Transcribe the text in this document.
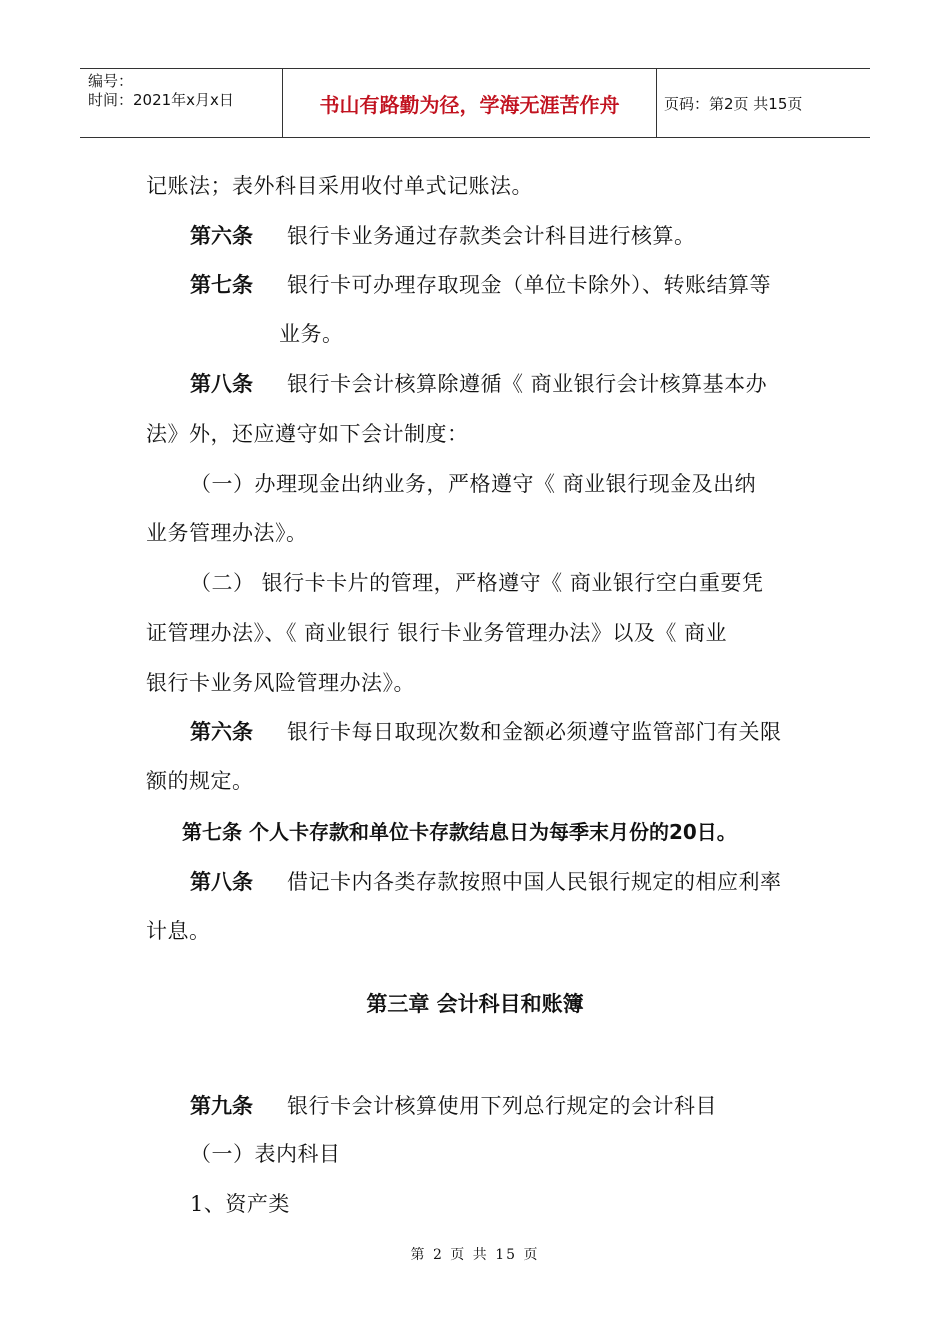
编号：
时间：2021年x月x日	书山有路勤为径，学海无涯苦作舟	页码：第2页 共15页
记账法；表外科目采用收付单式记账法。
第六条 银行卡业务通过存款类会计科目进行核算。
第七条 银行卡可办理存取现金（单位卡除外）、转账结算等
业务。
第八条 银行卡会计核算除遵循《 商业银行会计核算基本办
法》外，还应遵守如下会计制度：
（一）办理现金出纳业务，严格遵守《 商业银行现金及出纳
业务管理办法》。
（二） 银行卡卡片的管理，严格遵守《 商业银行空白重要凭
证管理办法》、《 商业银行 银行卡业务管理办法》以及《 商业
银行卡业务风险管理办法》。
第六条 银行卡每日取现次数和金额必须遵守监管部门有关限
额的规定。
第七条 个人卡存款和单位卡存款结息日为每季末月份的20日。
第八条 借记卡内各类存款按照中国人民银行规定的相应利率
计息。
第三章 会计科目和账簿
第九条 银行卡会计核算使用下列总行规定的会计科目
（一）表内科目
1、资产类
第 2 页 共 15 页
